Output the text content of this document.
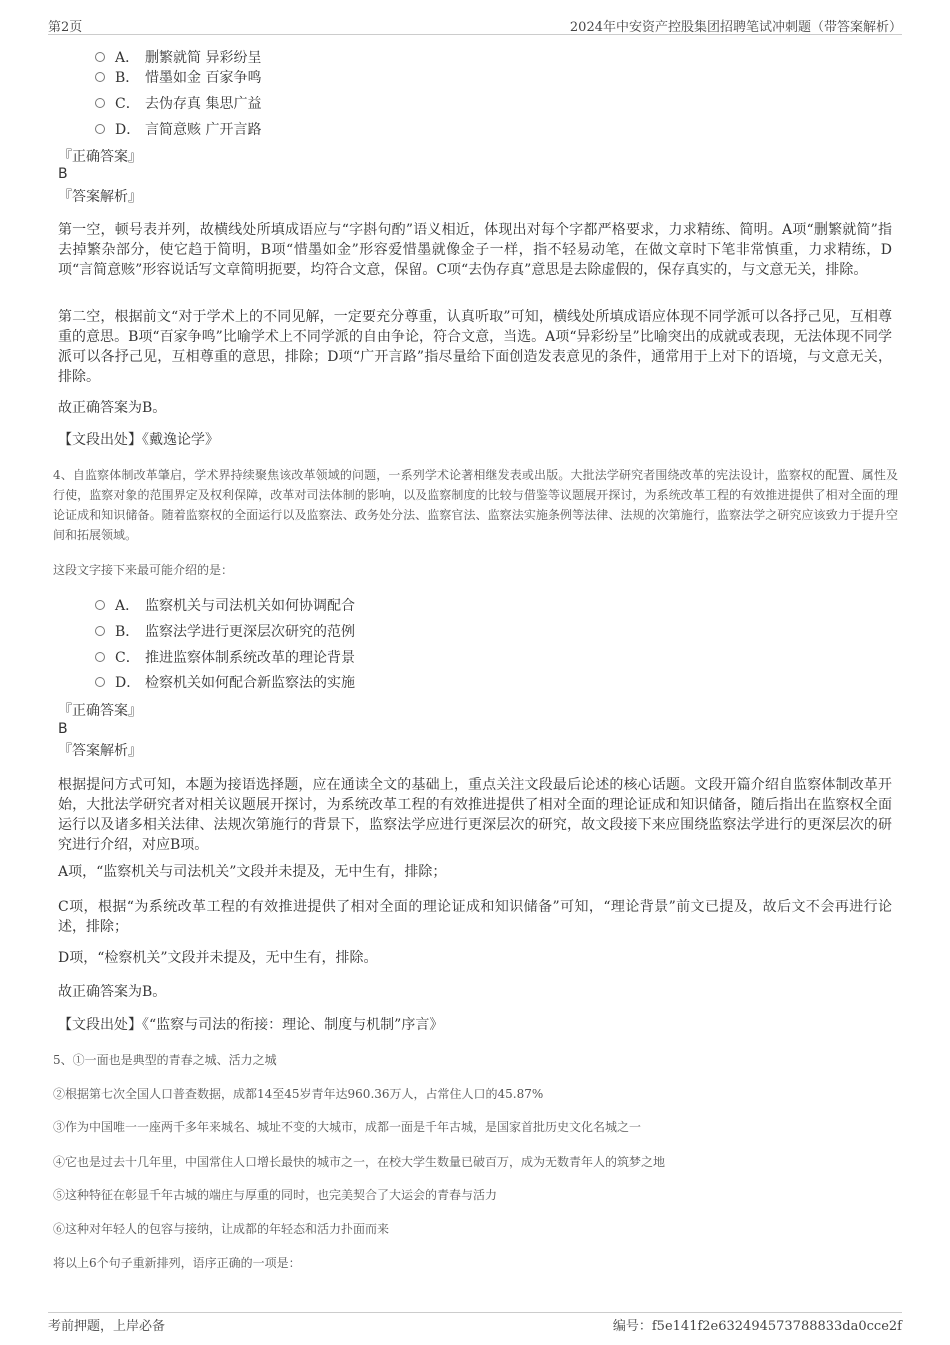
第2页	2024年中安资产控股集团招聘笔试冲刺题（带答案解析）
A． 删繁就简 异彩纷呈
B． 惜墨如金 百家争鸣
C． 去伪存真 集思广益
D． 言简意赅 广开言路
『正确答案』
B
『答案解析』
第一空，顿号表并列，故横线处所填成语应与“字斟句酌”语义相近，体现出对每个字都严格要求，力求精练、简明。A项“删繁就简”指去掉繁杂部分，使它趋于简明，B项“惜墨如金”形容爱惜墨就像金子一样，指不轻易动笔，在做文章时下笔非常慎重，力求精练，D项“言简意赅”形容说话写文章简明扼要，均符合文意，保留。C项“去伪存真”意思是去除虚假的，保存真实的，与文意无关，排除。
第二空，根据前文“对于学术上的不同见解，一定要充分尊重，认真听取”可知，横线处所填成语应体现不同学派可以各抒己见，互相尊重的意思。B项“百家争鸣”比喻学术上不同学派的自由争论，符合文意，当选。A项“异彩纷呈”比喻突出的成就或表现，无法体现不同学派可以各抒己见，互相尊重的意思，排除；D项“广开言路”指尽量给下面创造发表意见的条件，通常用于上对下的语境，与文意无关，排除。
故正确答案为B。
【文段出处】《戴逸论学》
4、自监察体制改革肇启，学术界持续聚焦该改革领域的问题，一系列学术论著相继发表或出版。大批法学研究者围绕改革的宪法设计，监察权的配置、属性及行使，监察对象的范围界定及权利保障，改革对司法体制的影响，以及监察制度的比较与借鉴等议题展开探讨，为系统改革工程的有效推进提供了相对全面的理论证成和知识储备。随着监察权的全面运行以及监察法、政务处分法、监察官法、监察法实施条例等法律、法规的次第施行，监察法学之研究应该致力于提升空间和拓展领域。
这段文字接下来最可能介绍的是：
A． 监察机关与司法机关如何协调配合
B． 监察法学进行更深层次研究的范例
C． 推进监察体制系统改革的理论背景
D． 检察机关如何配合新监察法的实施
『正确答案』
B
『答案解析』
根据提问方式可知，本题为接语选择题，应在通读全文的基础上，重点关注文段最后论述的核心话题。文段开篇介绍自监察体制改革开始，大批法学研究者对相关议题展开探讨，为系统改革工程的有效推进提供了相对全面的理论证成和知识储备，随后指出在监察权全面运行以及诸多相关法律、法规次第施行的背景下，监察法学应进行更深层次的研究，故文段接下来应围绕监察法学进行的更深层次的研究进行介绍，对应B项。
A项，“监察机关与司法机关”文段并未提及，无中生有，排除；
C项，根据“为系统改革工程的有效推进提供了相对全面的理论证成和知识储备”可知，“理论背景”前文已提及，故后文不会再进行论述，排除；
D项，“检察机关”文段并未提及，无中生有，排除。
故正确答案为B。
【文段出处】《“监察与司法的衔接：理论、制度与机制”序言》
5、①一面也是典型的青春之城、活力之城
②根据第七次全国人口普查数据，成都14至45岁青年达960.36万人，占常住人口的45.87%
③作为中国唯一一座两千多年来城名、城址不变的大城市，成都一面是千年古城，是国家首批历史文化名城之一
④它也是过去十几年里，中国常住人口增长最快的城市之一，在校大学生数量已破百万，成为无数青年人的筑梦之地
⑤这种特征在彰显千年古城的端庄与厚重的同时，也完美契合了大运会的青春与活力
⑥这种对年轻人的包容与接纳，让成都的年轻态和活力扑面而来
将以上6个句子重新排列，语序正确的一项是：
考前押题，上岸必备	编号：f5e141f2e632494573788833da0cce2f
